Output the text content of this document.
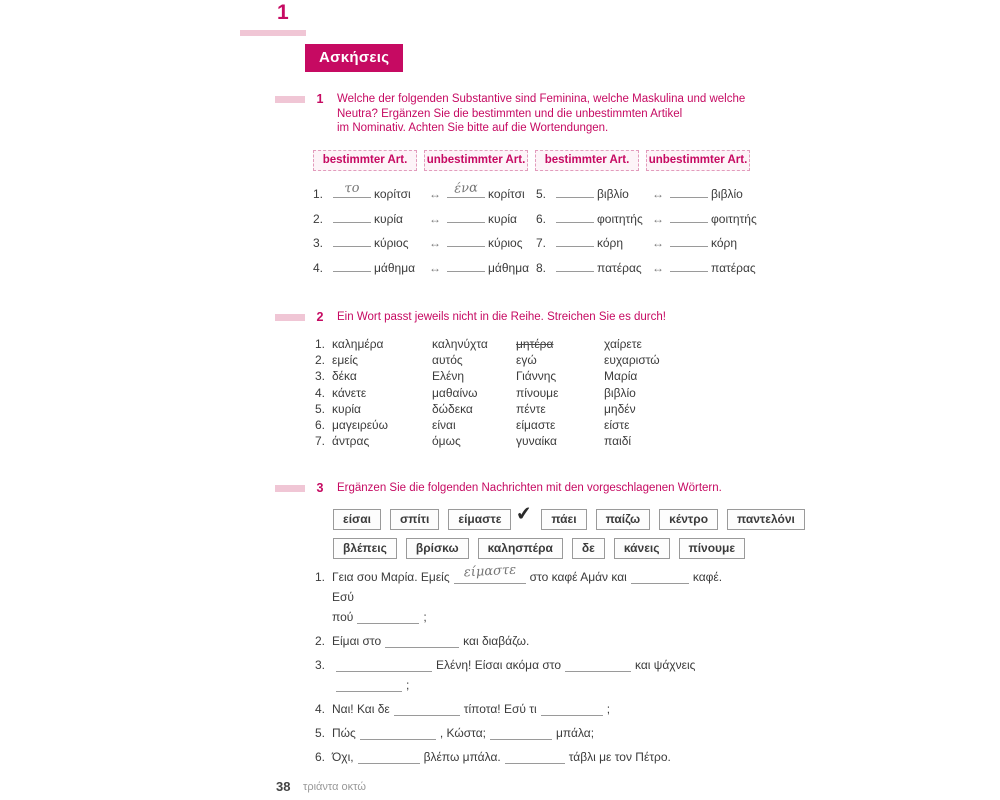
1
Ασκήσεις
1	Welche der folgenden Substantive sind Feminina, welche Maskulina und welche
Neutra? Ergänzen Sie die bestimmten und die unbestimmten Artikel
im Nominativ. Achten Sie bitte auf die Wortendungen.
bestimmter Art.	unbestimmter Art.	bestimmter Art.	unbestimmter Art.
1.	το	κορίτσι	↔ ένα κορίτσι
2.	κυρία	↔	κυρία
3.	κύριος	↔	κύριος
4.	μάθημα	↔	μάθημα
5.	βιβλίο	↔	βιβλίο
6.	φοιτητής ↔	φοιτητής
7.	κόρη	↔	κόρη
8.	πατέρας ↔	πατέρας
2	Ein Wort passt jeweils nicht in die Reihe. Streichen Sie es durch!
1. καλημέρα	καληνύχτα	μητέρα	χαίρετε
2. εμείς	αυτός	εγώ	ευχαριστώ
3. δέκα	Ελένη	Γιάννης	Μαρία
4. κάνετε	μαθαίνω	πίνουμε	βιβλίο
5. κυρία	δώδεκα	πέντε	μηδέν
6. μαγειρεύω	είναι	είμαστε	είστε
7. άντρας	όμως	γυναίκα	παιδί
3	Ergänzen Sie die folgenden Nachrichten mit den vorgeschlagenen Wörtern.
είσαι	σπίτι	είμαστε ✔	πάει	παίζω	κέντρο	παντελόνι
βλέπεις	βρίσκω	καλησπέρα	δε	κάνεις	πίνουμε
1. Γεια σου Μαρία. Εμείς	είμαστε	στο καφέ Αμάν και	καφέ.
Εσύ
πού	;
2. Είμαι στο	και διαβάζω.
3.	Ελένη! Είσαι ακόμα στο	και ψάχνεις;
4. Ναι! Και δε	τίποτα! Εσύ τι	;
5. Πώς	, Κώστα;	μπάλα;
6. Όχι,	βλέπω μπάλα.	τάβλι με τον Πέτρο.
38 τριάντα οκτώ
